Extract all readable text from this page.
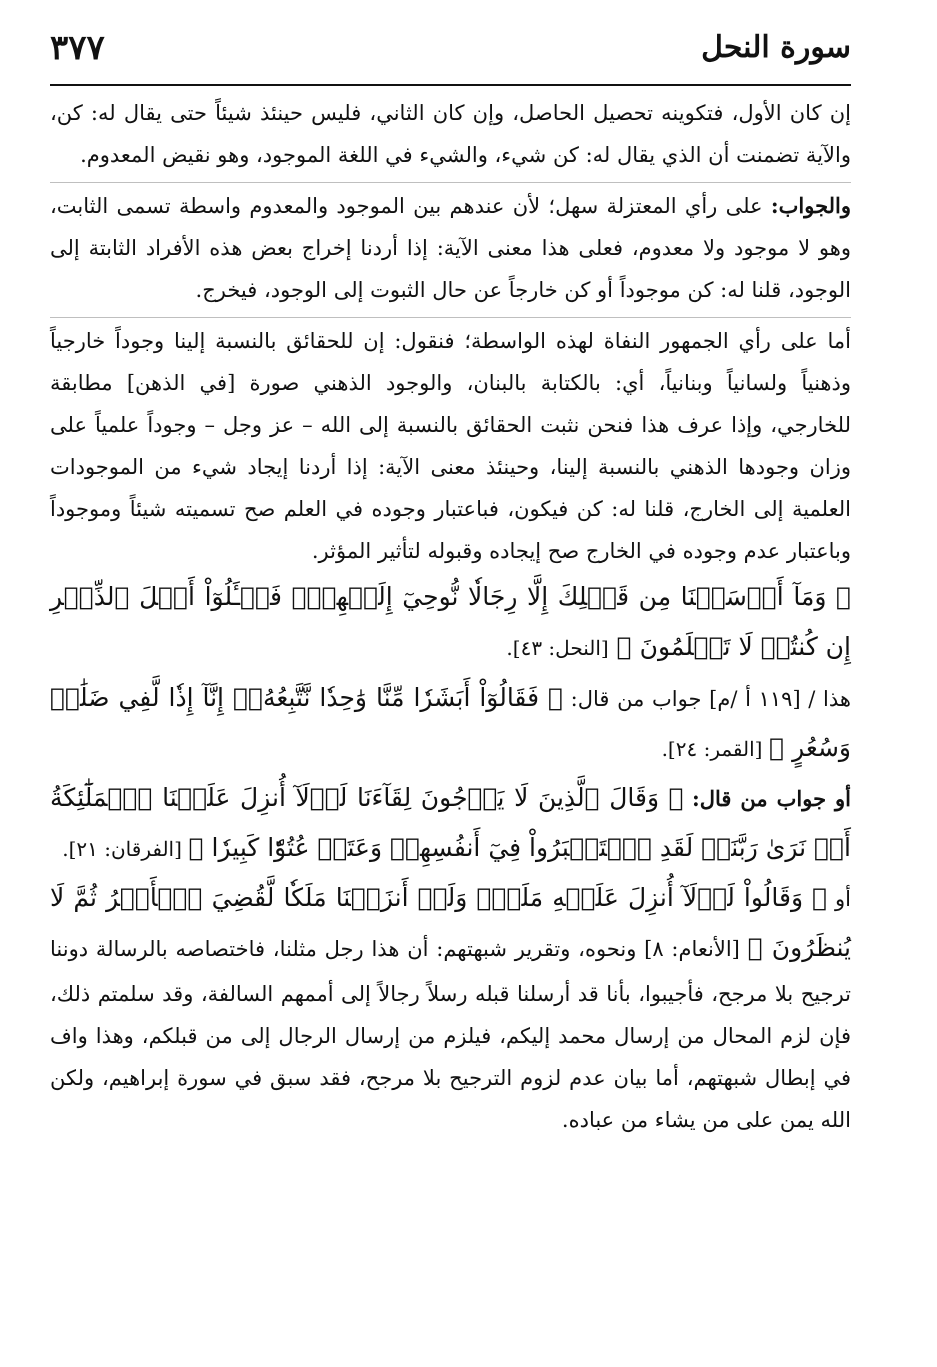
٣٧٧	سورة النحل

إن كان الأول، فتكوينه تحصيل الحاصل، وإن كان الثاني، فليس حينئذ شيئاً حتى يقال له: كن، والآية تضمنت أن الذي يقال له: كن شيء، والشيء في اللغة الموجود، وهو نقيض المعدوم.

والجواب: على رأي المعتزلة سهل؛ لأن عندهم بين الموجود والمعدوم واسطة تسمى الثابت، وهو لا موجود ولا معدوم، فعلى هذا معنى الآية: إذا أردنا إخراج بعض هذه الأفراد الثابتة إلى الوجود، قلنا له: كن موجوداً أو كن خارجاً عن حال الثبوت إلى الوجود، فيخرج.

أما على رأي الجمهور النفاة لهذه الواسطة؛ فنقول: إن للحقائق بالنسبة إلينا وجوداً خارجياً وذهنياً ولسانياً وبنانياً، أي: بالكتابة بالبنان، والوجود الذهني صورة [في الذهن] مطابقة للخارجي، وإذا عرف هذا فنحن نثبت الحقائق بالنسبة إلى الله – عز وجل – وجوداً علمياً على وزان وجودها الذهني بالنسبة إلينا، وحينئذ معنى الآية: إذا أردنا إيجاد شيء من الموجودات العلمية إلى الخارج، قلنا له: كن فيكون، فباعتبار وجوده في العلم صح تسميته شيئاً وموجوداً وباعتبار عدم وجوده في الخارج صح إيجاده وقبوله لتأثير المؤثر.

﴿ وَمَآ أَرۡسَلۡنَا مِن قَبۡلِكَ إِلَّا رِجَالٗا نُّوحِيٓ إِلَيۡهِمۡۚ فَسۡـَٔلُوٓاْ أَهۡلَ ٱلذِّكۡرِ إِن كُنتُمۡ لَا تَعۡلَمُونَ ﴾ [النحل: ٤٣].

هذا / [١١٩ أ /م] جواب من قال: ﴿ فَقَالُوٓاْ أَبَشَرٗا مِّنَّا وَٰحِدٗا نَّتَّبِعُهُۥٓ إِنَّآ إِذٗا لَّفِي ضَلَٰلٖ وَسُعُرٍ ﴾ [القمر: ٢٤].

أو جواب من قال: ﴿ وَقَالَ ٱلَّذِينَ لَا يَرۡجُونَ لِقَآءَنَا لَوۡلَآ أُنزِلَ عَلَيۡنَا ٱلۡمَلَٰٓئِكَةُ أَوۡ نَرَىٰ رَبَّنَاۗ لَقَدِ ٱسۡتَكۡبَرُواْ فِيٓ أَنفُسِهِمۡ وَعَتَوۡ عُتُوّٗا كَبِيرٗا ﴾ [الفرقان: ٢١].

أو ﴿ وَقَالُواْ لَوۡلَآ أُنزِلَ عَلَيۡهِ مَلَكٞۖ وَلَوۡ أَنزَلۡنَا مَلَكٗا لَّقُضِيَ ٱلۡأَمۡرُ ثُمَّ لَا يُنظَرُونَ ﴾ [الأنعام: ٨] ونحوه، وتقرير شبهتهم: أن هذا رجل مثلنا، فاختصاصه بالرسالة دوننا ترجيح بلا مرجح، فأجيبوا، بأنا قد أرسلنا قبله رسلاً رجالاً إلى أممهم السالفة، وقد سلمتم ذلك، فإن لزم المحال من إرسال محمد إليكم، فيلزم من إرسال الرجال إلى من قبلكم، وهذا واف في إبطال شبهتهم، أما بيان عدم لزوم الترجيح بلا مرجح، فقد سبق في سورة إبراهيم، ولكن الله يمن على من يشاء من عباده.
